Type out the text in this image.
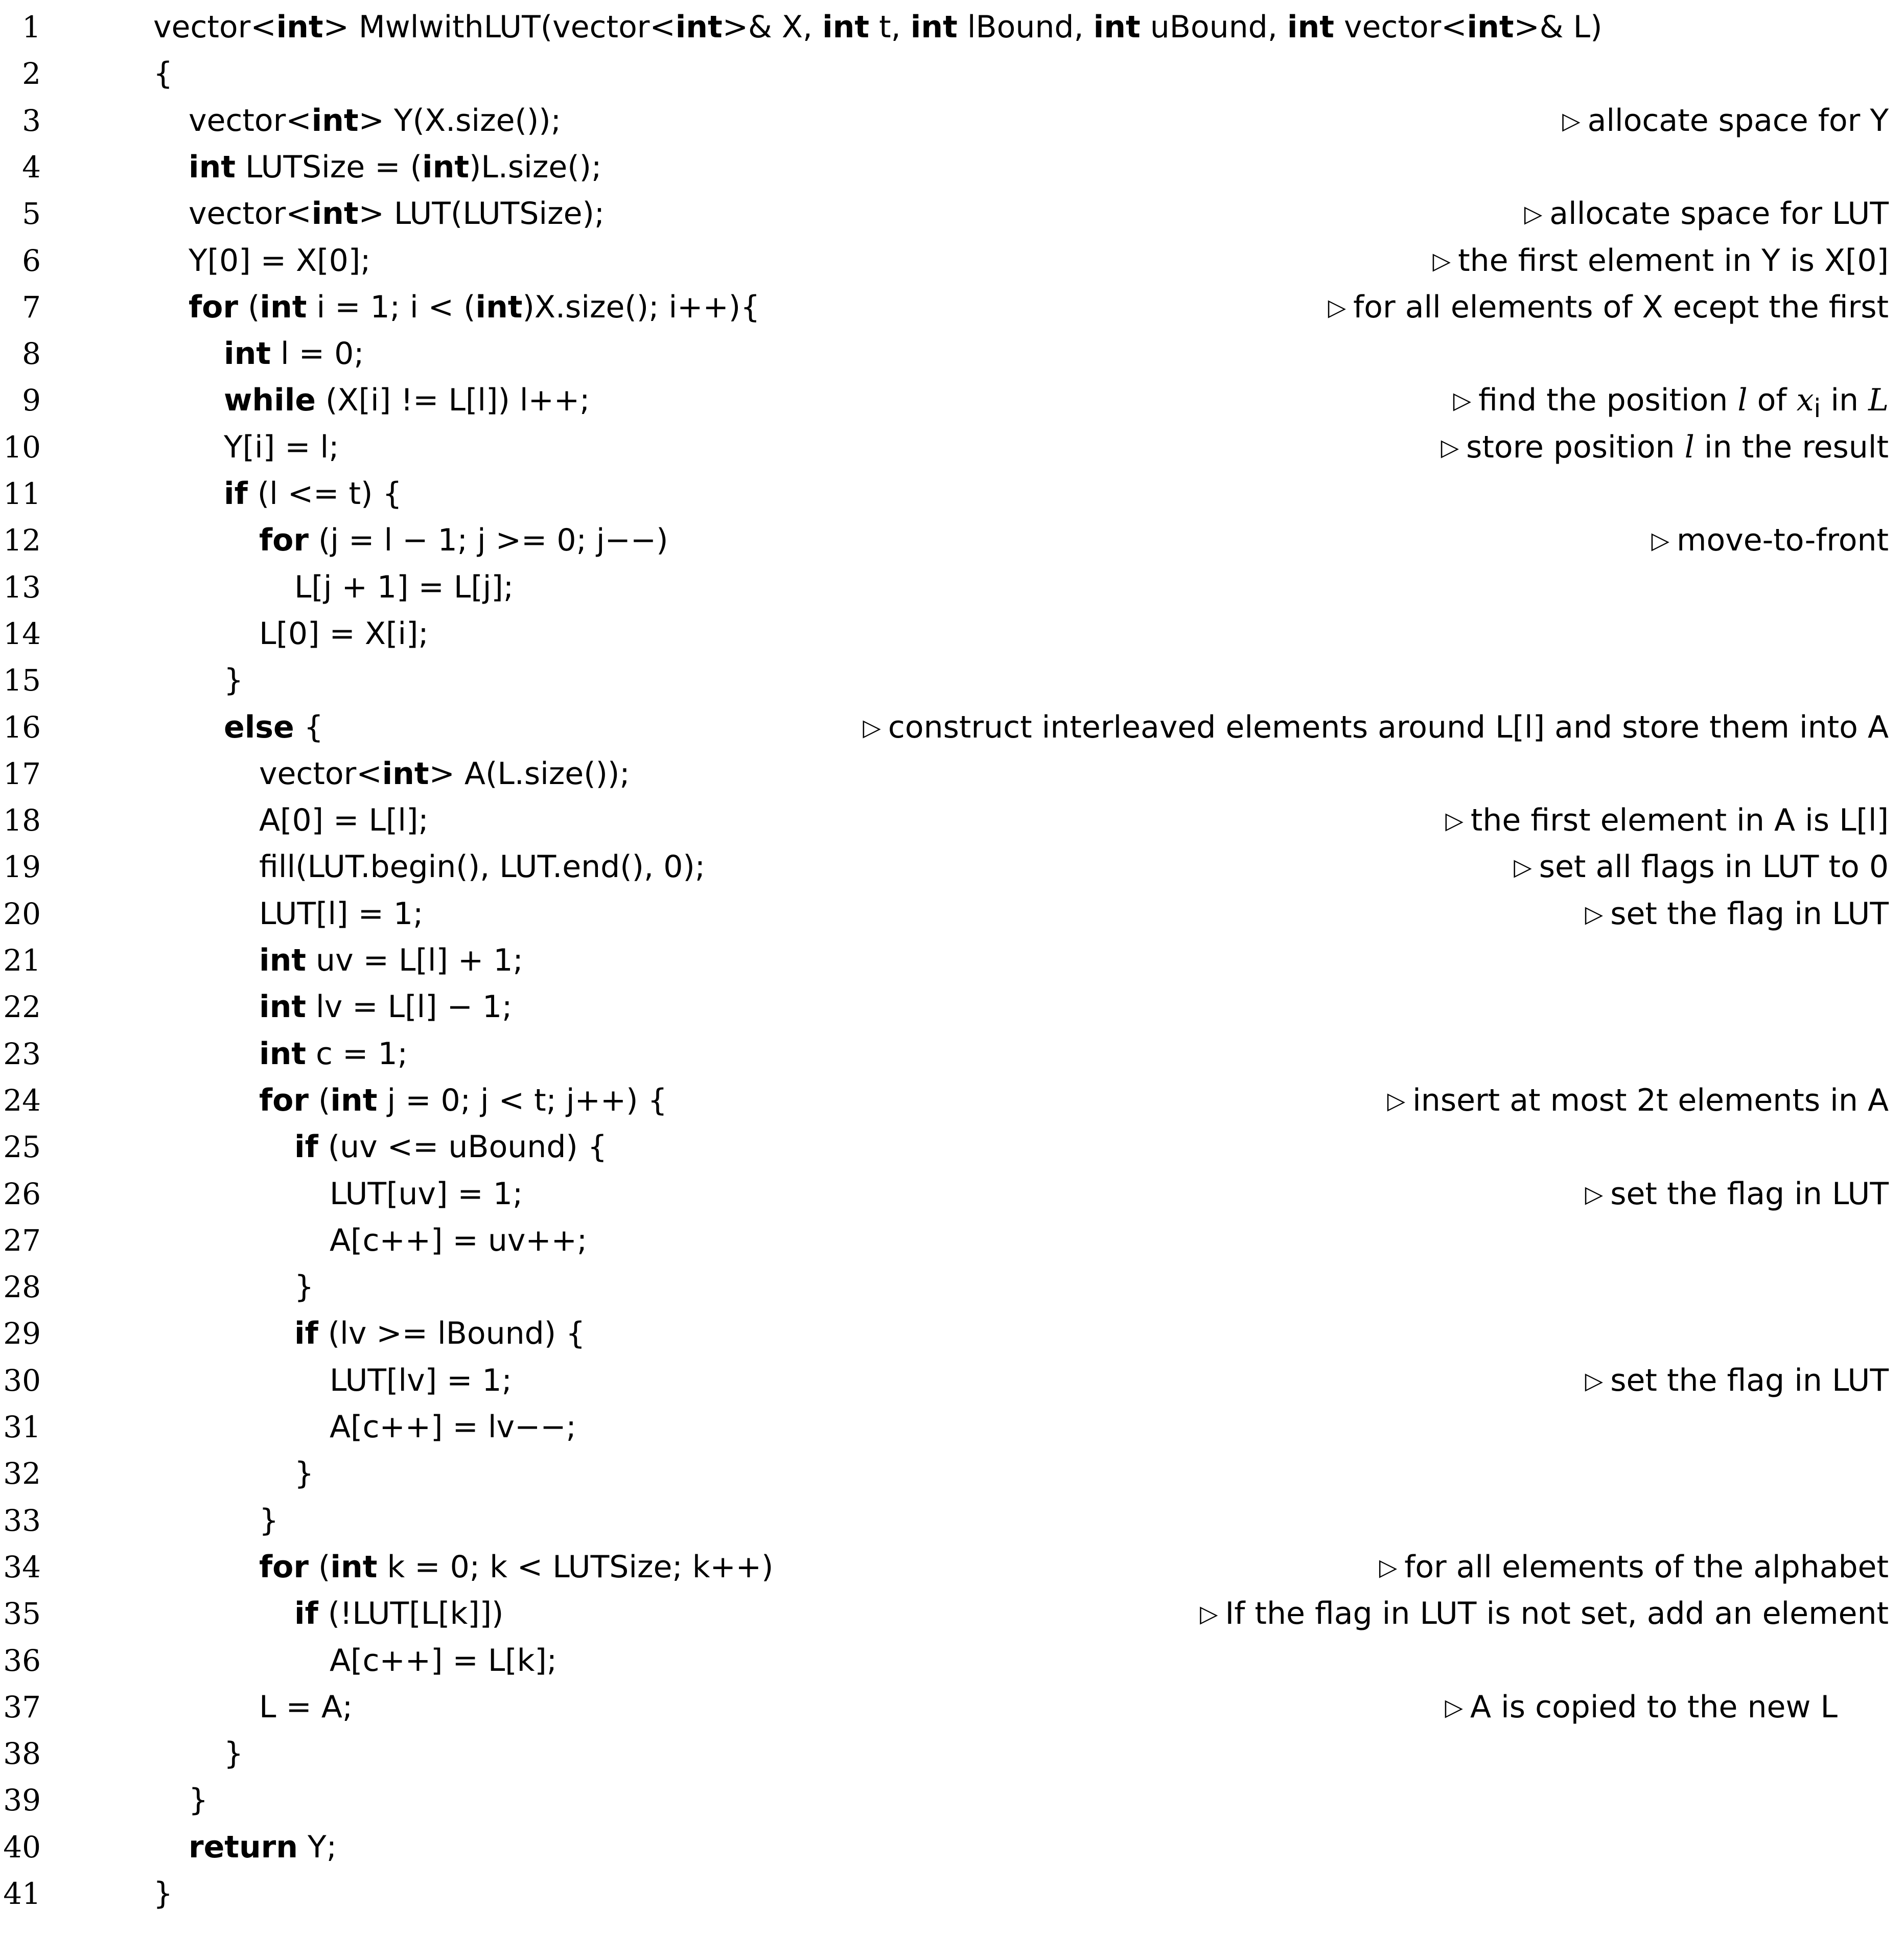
1	vector<int> MwlwithLUT(vector<int>& X, int t, int lBound, int uBound, int vector<int>& L)
2	{
3	vector<int> Y(X.size());	▷ allocate space for Y
4	int LUTSize = (int)L.size();
5	vector<int> LUT(LUTSize);	▷ allocate space for LUT
6	Y[0] = X[0];	▷ the first element in Y is X[0]
7	for (int i = 1; i < (int)X.size(); i++){	▷ for all elements of X ecept the first
8	int l = 0;
9	while (X[i] != L[l]) l++;	▷ find the position l of $x_i$ in L
10	Y[i] = l;	▷ store position l in the result
11	if (l <= t) {
12	for (j = l − 1; j >= 0; j−−)	▷ move-to-front
13	L[j + 1] = L[j];
14	L[0] = X[i];
15	}
16	else {	▷ construct interleaved elements around L[l] and store them into A
17	vector<int> A(L.size());
18	A[0] = L[l];	▷ the first element in A is L[l]
19	fill(LUT.begin(), LUT.end(), 0);	▷ set all flags in LUT to 0
20	LUT[l] = 1;	▷ set the flag in LUT
21	int uv = L[l] + 1;
22	int lv = L[l] − 1;
23	int c = 1;
24	for (int j = 0; j < t; j++) {	▷ insert at most 2t elements in A
25	if (uv <= uBound) {
26	LUT[uv] = 1;	▷ set the flag in LUT
27	A[c++] = uv++;
28	}
29	if (lv >= lBound) {
30	LUT[lv] = 1;	▷ set the flag in LUT
31	A[c++] = lv−−;
32	}
33	}
34	for (int k = 0; k < LUTSize; k++)	▷ for all elements of the alphabet
35	if (!LUT[L[k]])	▷ If the flag in LUT is not set, add an element
36	A[c++] = L[k];
37	L = A;	▷ A is copied to the new L
38	}
39	}
40	return Y;
41	}
